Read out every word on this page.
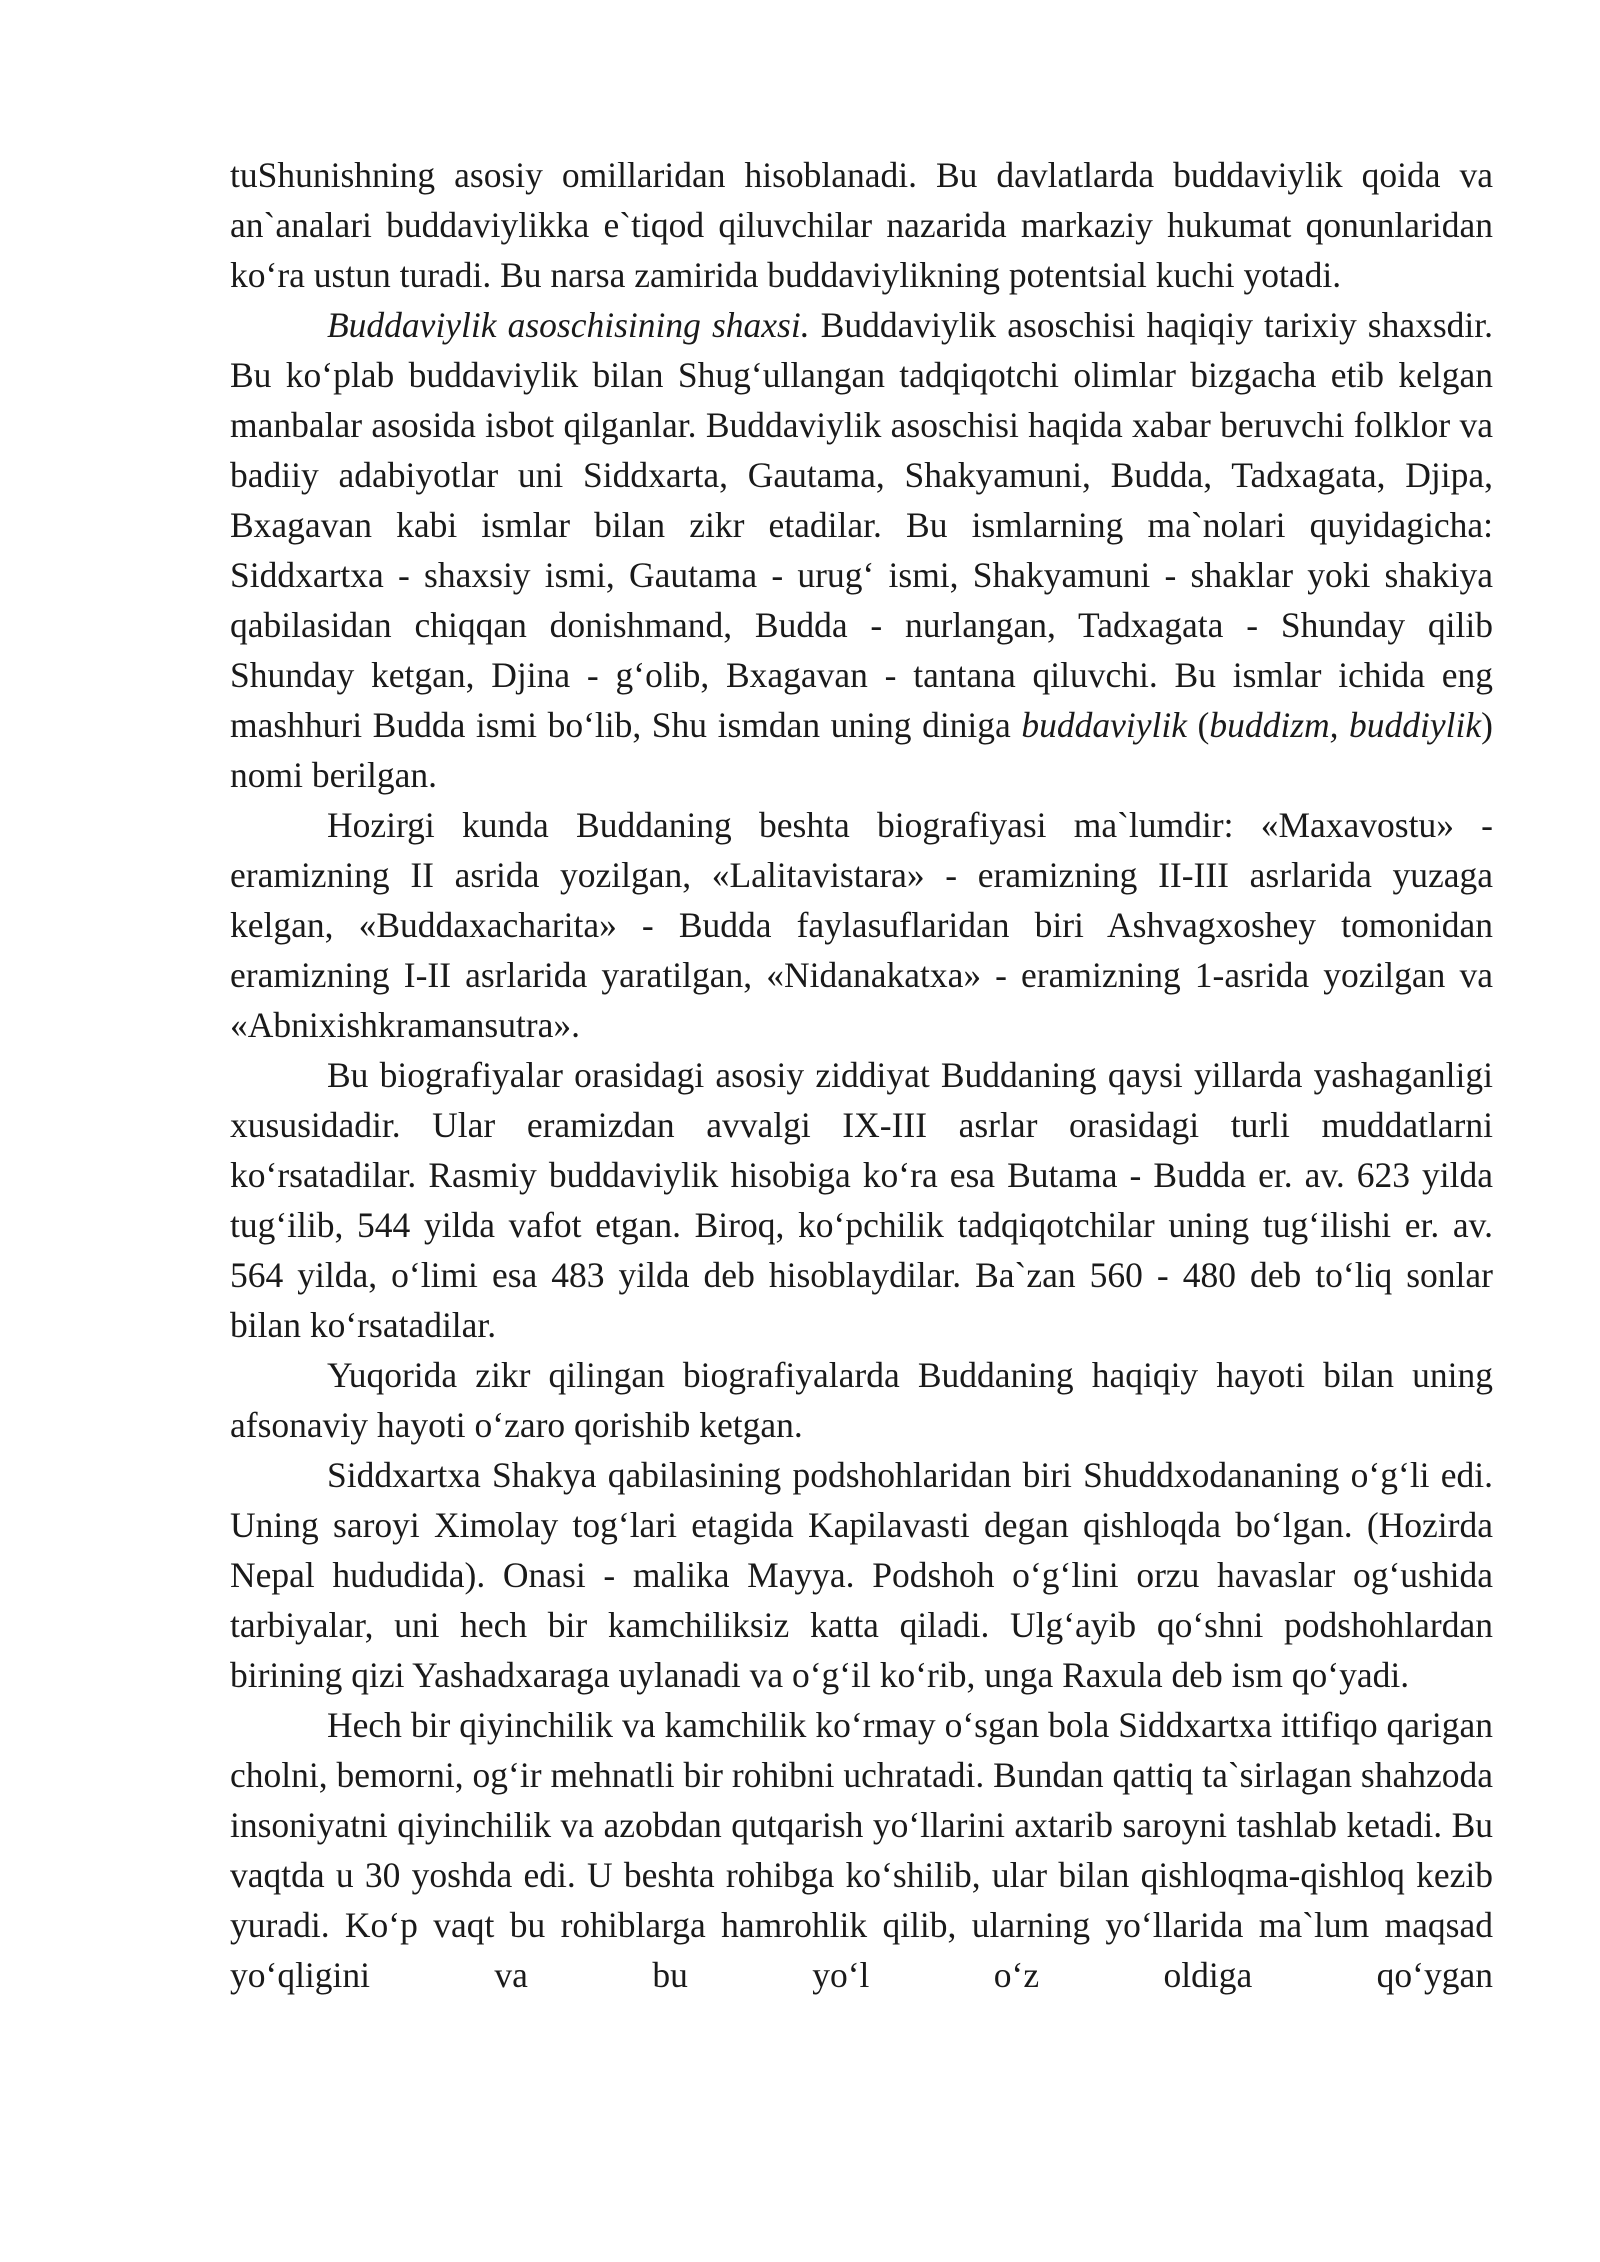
tuShunishning asosiy omillaridan hisoblanadi. Bu davlatlarda buddaviylik qoida va an`analari buddaviylikka e`tiqod qiluvchilar nazarida markaziy hukumat qonunlaridan ko‘ra ustun turadi. Bu narsa zamirida buddaviylikning potentsial kuchi yotadi.

Buddaviylik asoschisining shaxsi. Buddaviylik asoschisi haqiqiy tarixiy shaxsdir. Bu ko‘plab buddaviylik bilan Shug‘ullangan tadqiqotchi olimlar bizgacha etib kelgan manbalar asosida isbot qilganlar. Buddaviylik asoschisi haqida xabar beruvchi folklor va badiiy adabiyotlar uni Siddxarta, Gautama, Shakyamuni, Budda, Tadxagata, Djipa, Bxagavan kabi ismlar bilan zikr etadilar. Bu ismlarning ma`nolari quyidagicha: Siddxartxa - shaxsiy ismi, Gautama - urug‘ ismi, Shakyamuni - shaklar yoki shakiya qabilasidan chiqqan donishmand, Budda - nurlangan, Tadxagata - Shunday qilib Shunday ketgan, Djina - g‘olib, Bxagavan - tantana qiluvchi. Bu ismlar ichida eng mashhuri Budda ismi bo‘lib, Shu ismdan uning diniga buddaviylik (buddizm, buddiylik) nomi berilgan.

Hozirgi kunda Buddaning beshta biografiyasi ma`lumdir: «Maxavostu» - eramizning II asrida yozilgan, «Lalitavistara» - eramizning II-III asrlarida yuzaga kelgan, «Buddaxacharita» - Budda faylasuflaridan biri Ashvagxoshey tomonidan eramizning I-II asrlarida yaratilgan, «Nidanakatxa» - eramizning 1-asrida yozilgan va «Abnixishkramansutra».

Bu biografiyalar orasidagi asosiy ziddiyat Buddaning qaysi yillarda yashaganligi xususidadir. Ular eramizdan avvalgi IX-III asrlar orasidagi turli muddatlarni ko‘rsatadilar. Rasmiy buddaviylik hisobiga ko‘ra esa Butama - Budda er. av. 623 yilda tug‘ilib, 544 yilda vafot etgan. Biroq, ko‘pchilik tadqiqotchilar uning tug‘ilishi er. av. 564 yilda, o‘limi esa 483 yilda deb hisoblaydilar. Ba`zan 560 - 480 deb to‘liq sonlar bilan ko‘rsatadilar.

Yuqorida zikr qilingan biografiyalarda Buddaning haqiqiy hayoti bilan uning afsonaviy hayoti o‘zaro qorishib ketgan.

Siddxartxa Shakya qabilasining podshohlaridan biri Shuddxodananing o‘g‘li edi. Uning saroyi Ximolay tog‘lari etagida Kapilavasti degan qishloqda bo‘lgan. (Hozirda Nepal hududida). Onasi - malika Mayya. Podshoh o‘g‘lini orzu havaslar og‘ushida tarbiyalar, uni hech bir kamchiliksiz katta qiladi. Ulg‘ayib qo‘shni podshohlardan birining qizi Yashadxaraga uylanadi va o‘g‘il ko‘rib, unga Raxula deb ism qo‘yadi.

Hech bir qiyinchilik va kamchilik ko‘rmay o‘sgan bola Siddxartxa ittifiqo qarigan cholni, bemorni, og‘ir mehnatli bir rohibni uchratadi. Bundan qattiq ta`sirlagan shahzoda insoniyatni qiyinchilik va azobdan qutqarish yo‘llarini axtarib saroyni tashlab ketadi. Bu vaqtda u 30 yoshda edi. U beshta rohibga ko‘shilib, ular bilan qishloqma-qishloq kezib yuradi. Ko‘p vaqt bu rohiblarga hamrohlik qilib, ularning yo‘llarida ma`lum maqsad yo‘qligini va bu yo‘l o‘z oldiga qo‘ygan
